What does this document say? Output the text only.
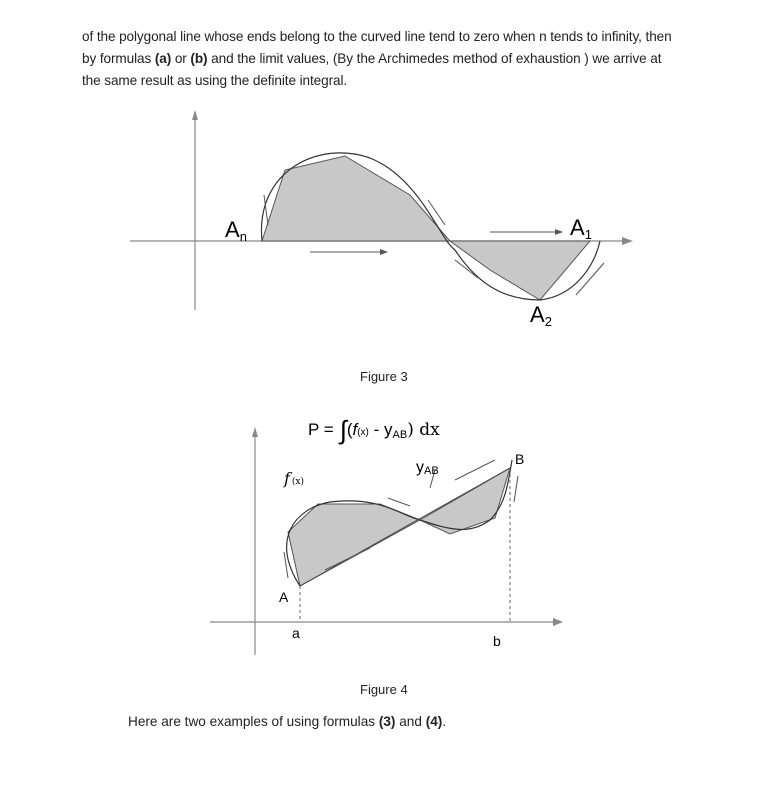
of the polygonal line whose ends belong to the curved line tend to zero when n tends to infinity, then by formulas (a) or (b) and the limit values, (By the Archimedes method of exhaustion ) we arrive at the same result as using the definite integral.
An	A1
A2
Figure 3
P = ∫(f(x) - yAB) dx
f (x)
yAB
A
B
a	b
Figure 4
Here are two examples of using formulas (3) and (4).
